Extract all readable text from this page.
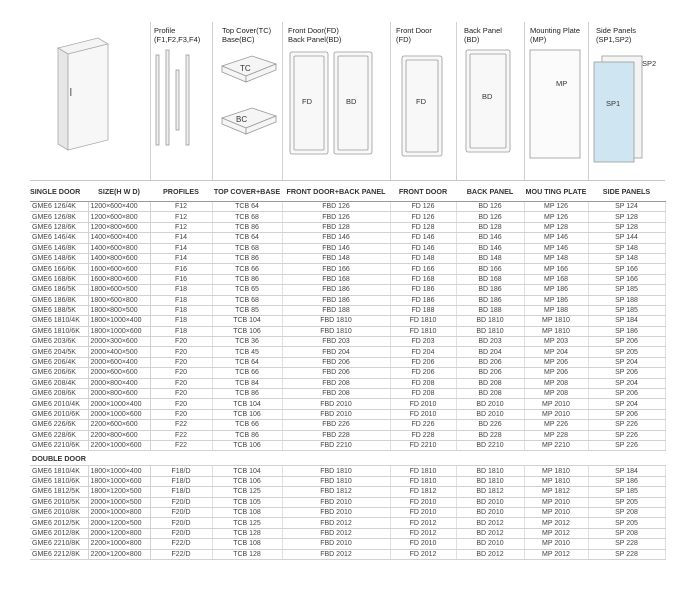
TC
BC
FD	BD	FD
BD
MP
SP2
SP1
Profile
(F1,F2,F3,F4)
Top Cover(TC)
Base(BC)
Front Door(FD)
Back Panel(BD)
Front Door
(FD)
Back Panel
(BD)
Mounting Plate
(MP)
Side Panels
(SP1,SP2)
SINGLE DOOR	SIZE(H W D)	PROFILES	TOP COVER+BASE	FRONT DOOR+BACK PANEL	FRONT DOOR	BACK PANEL	MOU TING PLATE	SIDE PANELS
GME6 126/4K	1200×600×400	F12	TCB 64	FBD 126	FD 126	BD 126	MP 126	SP 124
GME6 126/8K	1200×600×800	F12	TCB 68	FBD 126	FD 126	BD 126	MP 126	SP 128
GME6 128/6K	1200×800×600	F12	TCB 86	FBD 128	FD 128	BD 128	MP 128	SP 128
GME6 146/4K	1400×600×400	F14	TCB 64	FBD 146	FD 146	BD 146	MP 146	SP 144
GME6 146/8K	1400×600×800	F14	TCB 68	FBD 146	FD 146	BD 146	MP 146	SP 148
GME6 148/6K	1400×800×600	F14	TCB 86	FBD 148	FD 148	BD 148	MP 148	SP 148
GME6 166/6K	1600×600×600	F16	TCB 66	FBD 166	FD 166	BD 166	MP 166	SP 166
GME6 168/6K	1600×800×600	F16	TCB 86	FBD 168	FD 168	BD 168	MP 168	SP 166
GME6 186/5K	1800×600×500	F18	TCB 65	FBD 186	FD 186	BD 186	MP 186	SP 185
GME6 186/8K	1800×600×800	F18	TCB 68	FBD 186	FD 186	BD 186	MP 186	SP 188
GME6 188/5K	1800×800×500	F18	TCB 85	FBD 188	FD 188	BD 188	MP 188	SP 185
GME6 1810/4K	1800×1000×400	F18	TCB 104	FBD 1810	FD 1810	BD 1810	MP 1810	SP 184
GME6 1810/6K	1800×1000×600	F18	TCB 106	FBD 1810	FD 1810	BD 1810	MP 1810	SP 186
GME6 203/6K	2000×300×600	F20	TCB 36	FBD 203	FD 203	BD 203	MP 203	SP 206
GME6 204/5K	2000×400×500	F20	TCB 45	FBD 204	FD 204	BD 204	MP 204	SP 205
GME6 206/4K	2000×600×400	F20	TCB 64	FBD 206	FD 206	BD 206	MP 206	SP 204
GME6 206/6K	2000×600×600	F20	TCB 66	FBD 206	FD 206	BD 206	MP 206	SP 206
GME6 208/4K	2000×800×400	F20	TCB 84	FBD 208	FD 208	BD 208	MP 208	SP 204
GME6 208/6K	2000×800×600	F20	TCB 86	FBD 208	FD 208	BD 208	MP 208	SP 206
GME6 2010/4K	2000×1000×400	F20	TCB 104	FBD 2010	FD 2010	BD 2010	MP 2010	SP 204
GME6 2010/6K	2000×1000×600	F20	TCB 106	FBD 2010	FD 2010	BD 2010	MP 2010	SP 206
GME6 226/6K	2200×600×600	F22	TCB 66	FBD 226	FD 226	BD 226	MP 226	SP 226
GME6 228/6K	2200×800×600	F22	TCB 86	FBD 228	FD 228	BD 228	MP 228	SP 226
GME6 2210/6K	2200×1000×600	F22	TCB 106	FBD 2210	FD 2210	BD 2210	MP 2210	SP 226
DOUBLE DOOR								
GME6 1810/4K	1800×1000×400	F18/D	TCB 104	FBD 1810	FD 1810	BD 1810	MP 1810	SP 184
GME6 1810/6K	1800×1000×600	F18/D	TCB 106	FBD 1810	FD 1810	BD 1810	MP 1810	SP 186
GME6 1812/5K	1800×1200×500	F18/D	TCB 125	FBD 1812	FD 1812	BD 1812	MP 1812	SP 185
GME6 2010/5K	2000×1000×500	F20/D	TCB 105	FBD 2010	FD 2010	BD 2010	MP 2010	SP 205
GME6 2010/8K	2000×1000×800	F20/D	TCB 108	FBD 2010	FD 2010	BD 2010	MP 2010	SP 208
GME6 2012/5K	2000×1200×500	F20/D	TCB 125	FBD 2012	FD 2012	BD 2012	MP 2012	SP 205
GME6 2012/8K	2000×1200×800	F20/D	TCB 128	FBD 2012	FD 2012	BD 2012	MP 2012	SP 208
GME6 2210/8K	2200×1000×800	F22/D	TCB 108	FBD 2010	FD 2010	BD 2010	MP 2010	SP 228
GME6 2212/8K	2200×1200×800	F22/D	TCB 128	FBD 2012	FD 2012	BD 2012	MP 2012	SP 228
